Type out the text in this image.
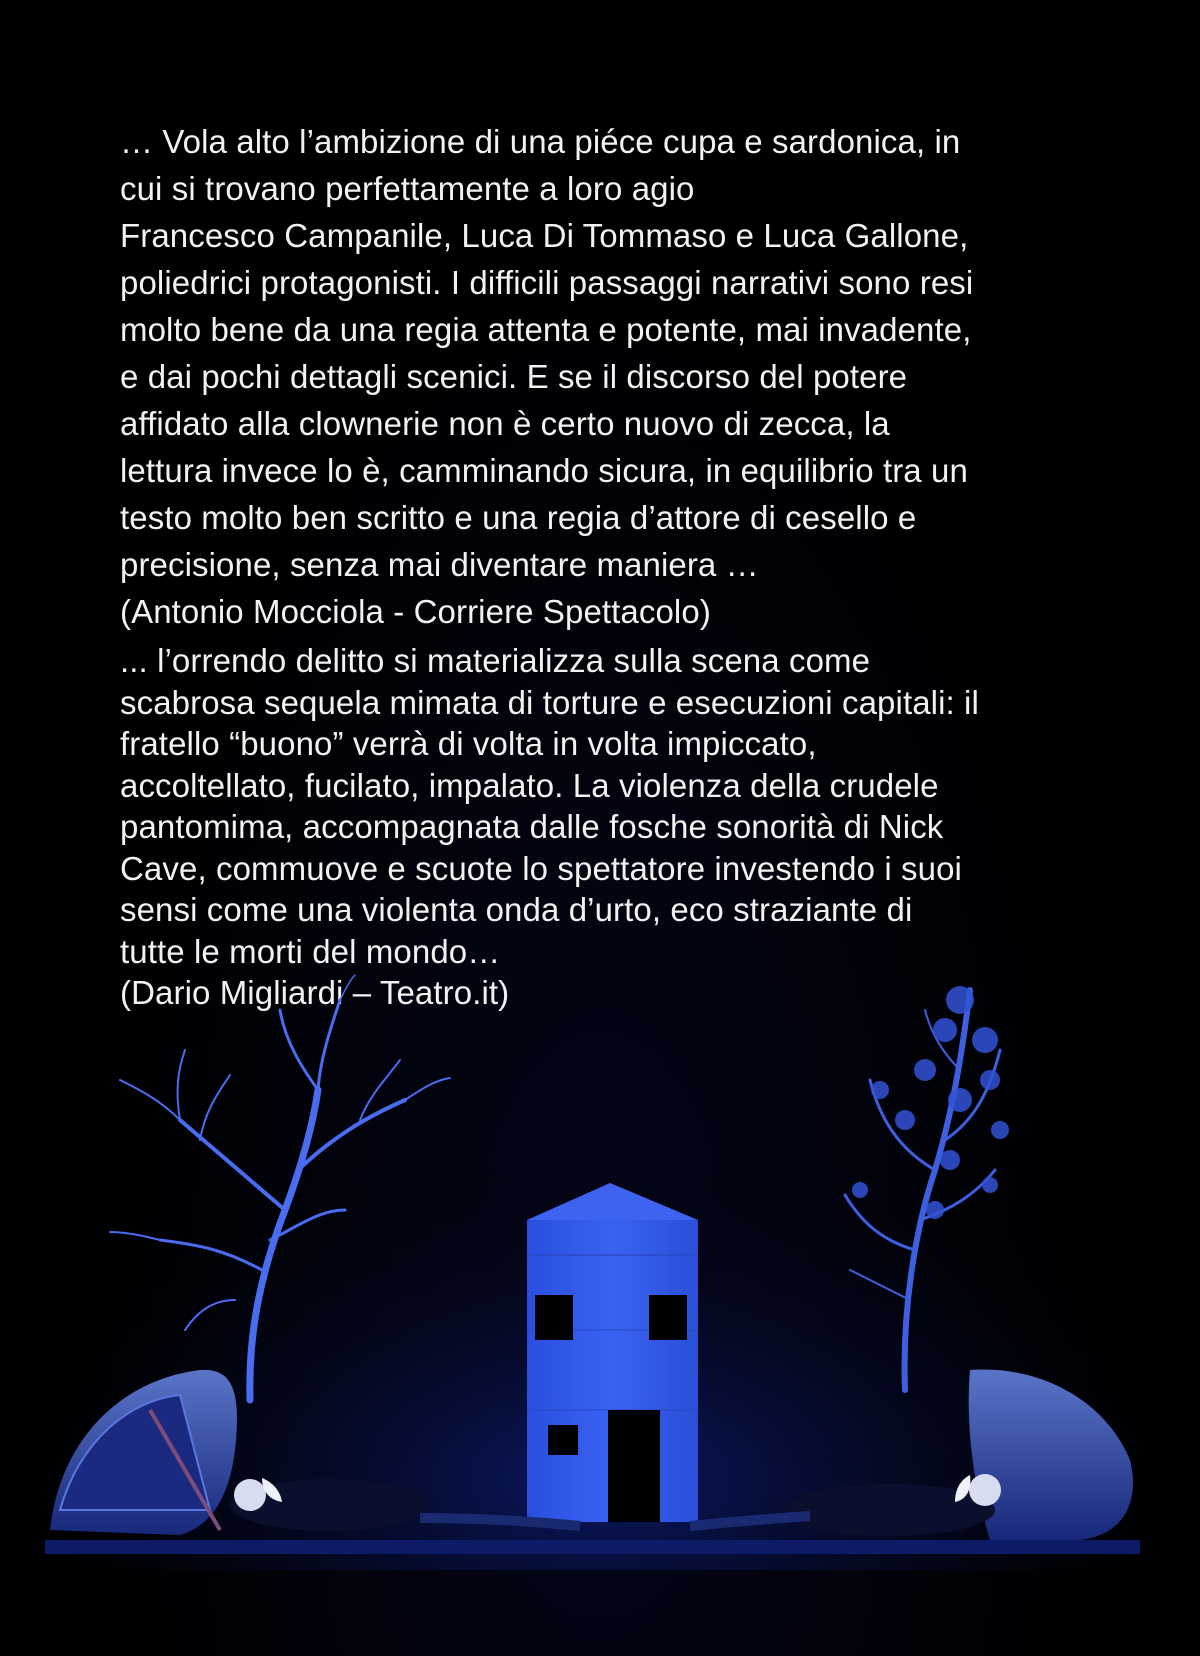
… Vola alto l’ambizione di una piéce cupa e sardonica, in
cui si trovano perfettamente a loro agio
Francesco Campanile, Luca Di Tommaso e Luca Gallone,
poliedrici protagonisti. I difficili passaggi narrativi sono resi
molto bene da una regia attenta e potente, mai invadente,
e dai pochi dettagli scenici. E se il discorso del potere
affidato alla clownerie non è certo nuovo di zecca, la
lettura invece lo è, camminando sicura, in equilibrio tra un
testo molto ben scritto e una regia d’attore di cesello e
precisione, senza mai diventare maniera …
(Antonio Mocciola - Corriere Spettacolo)
... l’orrendo delitto si materializza sulla scena come
scabrosa sequela mimata di torture e esecuzioni capitali: il
fratello “buono” verrà di volta in volta impiccato,
accoltellato, fucilato, impalato. La violenza della crudele
pantomima, accompagnata dalle fosche sonorità di Nick
Cave, commuove e scuote lo spettatore investendo i suoi
sensi come una violenta onda d’urto, eco straziante di
tutte le morti del mondo…
